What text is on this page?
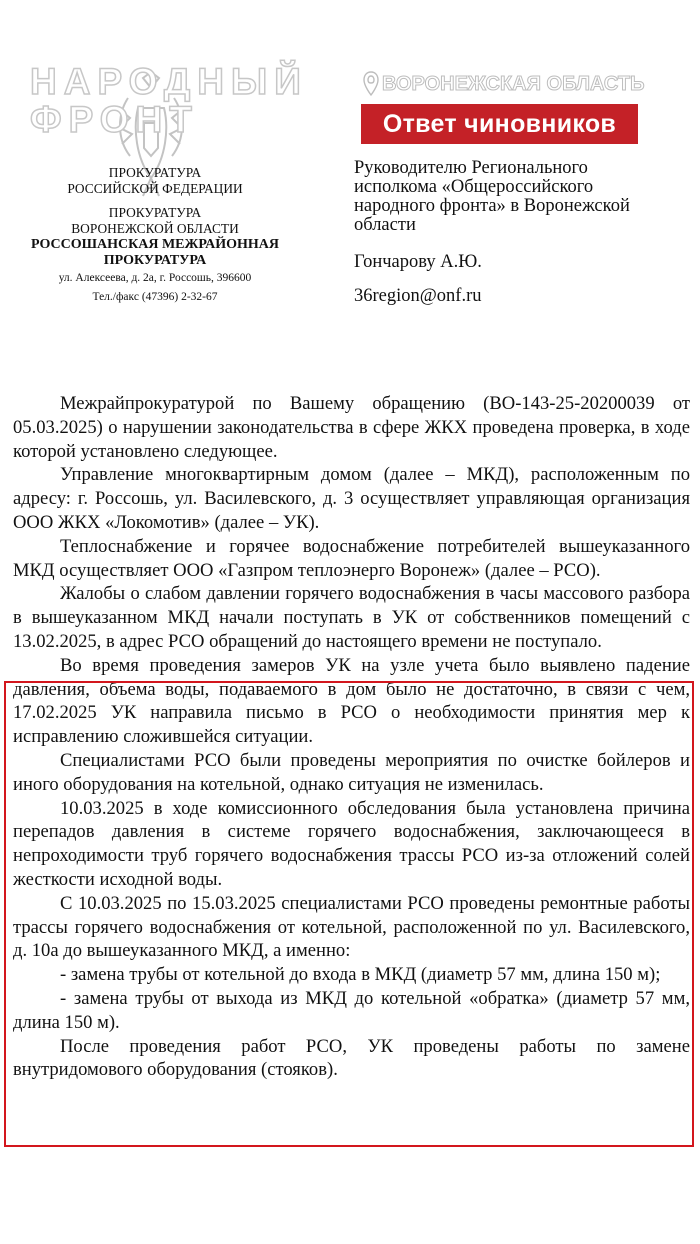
НАРОДНЫЙ
ФРОНТ
ВОРОНЕЖСКАЯ ОБЛАСТЬ
Ответ чиновников
ПРОКУРАТУРА
РОССИЙСКОЙ ФЕДЕРАЦИИ
ПРОКУРАТУРА
ВОРОНЕЖСКОЙ ОБЛАСТИ
РОССОШАНСКАЯ МЕЖРАЙОННАЯ
ПРОКУРАТУРА
ул. Алексеева, д. 2а, г. Россошь, 396600
Тел./факс (47396) 2-32-67
Руководителю Регионального
исполкома «Общероссийского
народного фронта» в Воронежской
области
Гончарову А.Ю.
36region@onf.ru

Межрайпрокуратурой по Вашему обращению (ВО-143-25-20200039 от 05.03.2025) о нарушении законодательства в сфере ЖКХ проведена проверка, в ходе которой установлено следующее.

Управление многоквартирным домом (далее – МКД), расположенным по адресу: г. Россошь, ул. Василевского, д. 3 осуществляет управляющая организация ООО ЖКХ «Локомотив» (далее – УК).

Теплоснабжение и горячее водоснабжение потребителей вышеуказанного МКД осуществляет ООО «Газпром теплоэнерго Воронеж» (далее – РСО).

Жалобы о слабом давлении горячего водоснабжения в часы массового разбора в вышеуказанном МКД начали поступать в УК от собственников помещений с 13.02.2025, в адрес РСО обращений до настоящего времени не поступало.

Во время проведения замеров УК на узле учета было выявлено падение давления, объема воды, подаваемого в дом было не достаточно, в связи с чем, 17.02.2025 УК направила письмо в РСО о необходимости принятия мер к исправлению сложившейся ситуации.

Специалистами РСО были проведены мероприятия по очистке бойлеров и иного оборудования на котельной, однако ситуация не изменилась.

10.03.2025 в ходе комиссионного обследования была установлена причина перепадов давления в системе горячего водоснабжения, заключающееся в непроходимости труб горячего водоснабжения трассы РСО из-за отложений солей жесткости исходной воды.

С 10.03.2025 по 15.03.2025 специалистами РСО проведены ремонтные работы трассы горячего водоснабжения от котельной, расположенной по ул. Василевского, д. 10а до вышеуказанного МКД, а именно:

- замена трубы от котельной до входа в МКД (диаметр 57 мм, длина 150 м);

- замена трубы от выхода из МКД до котельной «обратка» (диаметр 57 мм, длина 150 м).

После проведения работ РСО, УК проведены работы по замене внутридомового оборудования (стояков).
